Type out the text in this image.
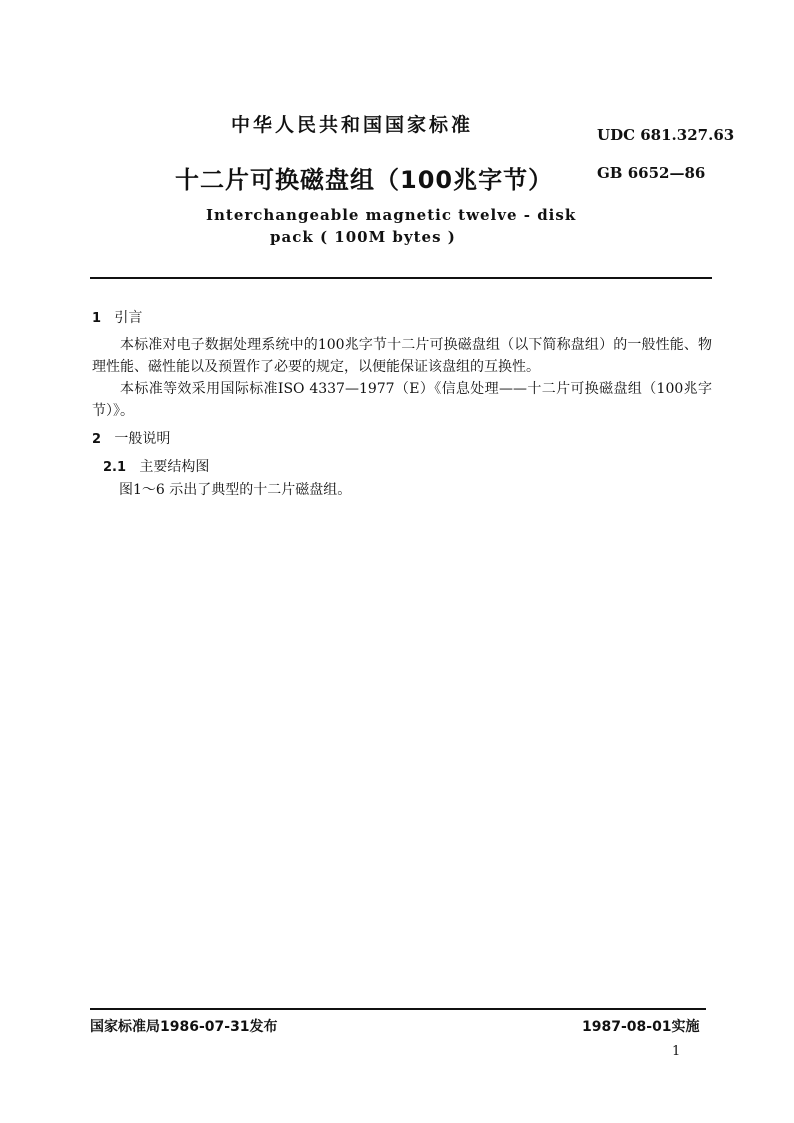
中华人民共和国国家标准	UDC 681.327.63
十二片可换磁盘组（100兆字节）	GB 6652—86
Interchangeable magnetic twelve - disk
pack ( 100M bytes )
1 引言
本标准对电子数据处理系统中的100兆字节十二片可换磁盘组（以下简称盘组）的一般性能、物理性能、磁性能以及预置作了必要的规定，以便能保证该盘组的互换性。
本标准等效采用国际标准ISO 4337—1977（E）《信息处理——十二片可换磁盘组（100兆字节）》。
2 一般说明
2.1 主要结构图
图1～6 示出了典型的十二片磁盘组。
国家标准局1986-07-31发布	1987-08-01实施
1
